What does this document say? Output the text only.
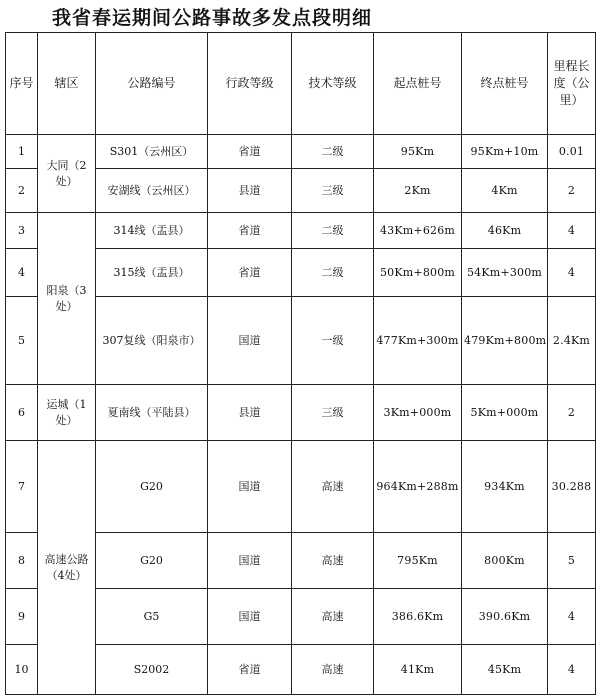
我省春运期间公路事故多发点段明细
序号	辖区	公路编号	行政等级	技术等级	起点桩号	终点桩号	里程长度（公里）
1	大同（2处）	S301（云州区）	省道	二级	95Km	95Km+10m	0.01
2		安湖线（云州区）	县道	三级	2Km	4Km	2
3	阳泉（3处）	314线（盂县）	省道	二级	43Km+626m	46Km	4
4		315线（盂县）	省道	二级	50Km+800m	54Km+300m	4
5		307复线（阳泉市）	国道	一级	477Km+300m	479Km+800m	2.4Km
6	运城（1处）	夏南线（平陆县）	县道	三级	3Km+000m	5Km+000m	2
7	高速公路（4处）	G20	国道	高速	964Km+288m	934Km	30.288
8		G20	国道	高速	795Km	800Km	5
9		G5	国道	高速	386.6Km	390.6Km	4
10		S2002	省道	高速	41Km	45Km	4
